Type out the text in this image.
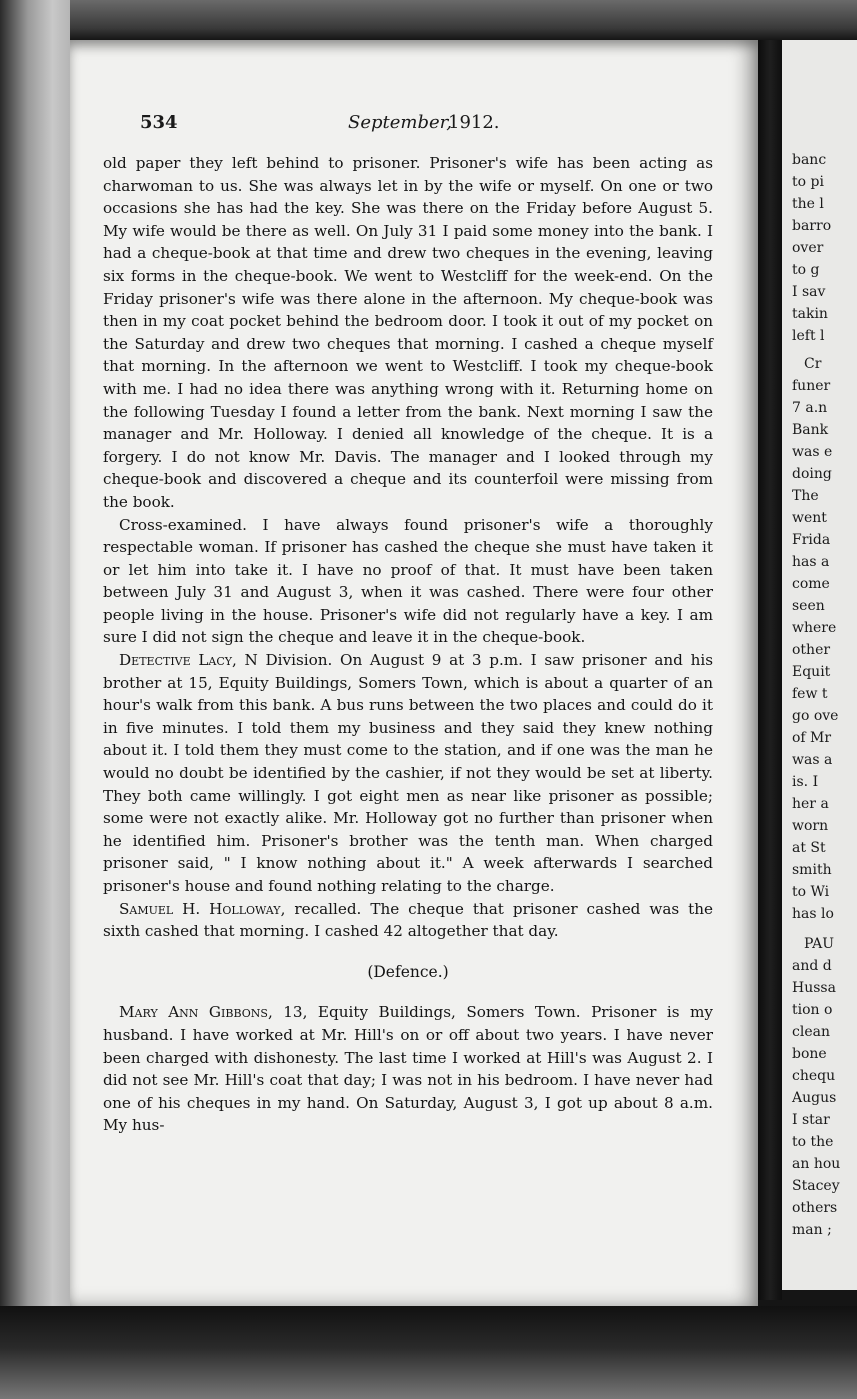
banc
to pi
the l
barro
over
to g
I sav
takin
left l
Cr
funer
7 a.n
Bank
was e
doing
The
went
Frida
has a
come
seen
where
other
Equit
few t
go ove
of Mr
was a
is. I
her a
worn
at St
smith
to Wi
has lo
PAU
and d
Hussa
tion o
clean
bone
chequ
Augus
I star
to the
an hou
Stacey
others
man ;
534	September,
1912.

old paper they left behind to prisoner. Prisoner's wife has been acting as charwoman to us. She was always let in by the wife or myself. On one or two occasions she has had the key. She was there on the Friday before August 5. My wife would be there as well. On July 31 I paid some money into the bank. I had a cheque-book at that time and drew two cheques in the evening, leaving six forms in the cheque-book. We went to Westcliff for the week-end. On the Friday prisoner's wife was there alone in the afternoon. My cheque-book was then in my coat pocket behind the bedroom door. I took it out of my pocket on the Saturday and drew two cheques that morning. I cashed a cheque myself that morning. In the afternoon we went to Westcliff. I took my cheque-book with me. I had no idea there was anything wrong with it. Returning home on the following Tuesday I found a letter from the bank. Next morning I saw the manager and Mr. Holloway. I denied all knowledge of the cheque. It is a forgery. I do not know Mr. Davis. The manager and I looked through my cheque-book and discovered a cheque and its counterfoil were missing from the book.

Cross-examined. I have always found prisoner's wife a thoroughly respectable woman. If prisoner has cashed the cheque she must have taken it or let him into take it. I have no proof of that. It must have been taken between July 31 and August 3, when it was cashed. There were four other people living in the house. Prisoner's wife did not regularly have a key. I am sure I did not sign the cheque and leave it in the cheque-book.

Detective Lacy, N Division. On August 9 at 3 p.m. I saw prisoner and his brother at 15, Equity Buildings, Somers Town, which is about a quarter of an hour's walk from this bank. A bus runs between the two places and could do it in five minutes. I told them my business and they said they knew nothing about it. I told them they must come to the station, and if one was the man he would no doubt be identified by the cashier, if not they would be set at liberty. They both came willingly. I got eight men as near like prisoner as possible; some were not exactly alike. Mr. Holloway got no further than prisoner when he identified him. Prisoner's brother was the tenth man. When charged prisoner said, " I know nothing about it." A week afterwards I searched prisoner's house and found nothing relating to the charge.

Samuel H. Holloway, recalled. The cheque that prisoner cashed was the sixth cashed that morning. I cashed 42 altogether that day.

(Defence.)

Mary Ann Gibbons, 13, Equity Buildings, Somers Town. Prisoner is my husband. I have worked at Mr. Hill's on or off about two years. I have never been charged with dishonesty. The last time I worked at Hill's was August 2. I did not see Mr. Hill's coat that day; I was not in his bedroom. I have never had one of his cheques in my hand. On Saturday, August 3, I got up about 8 a.m. My hus-
